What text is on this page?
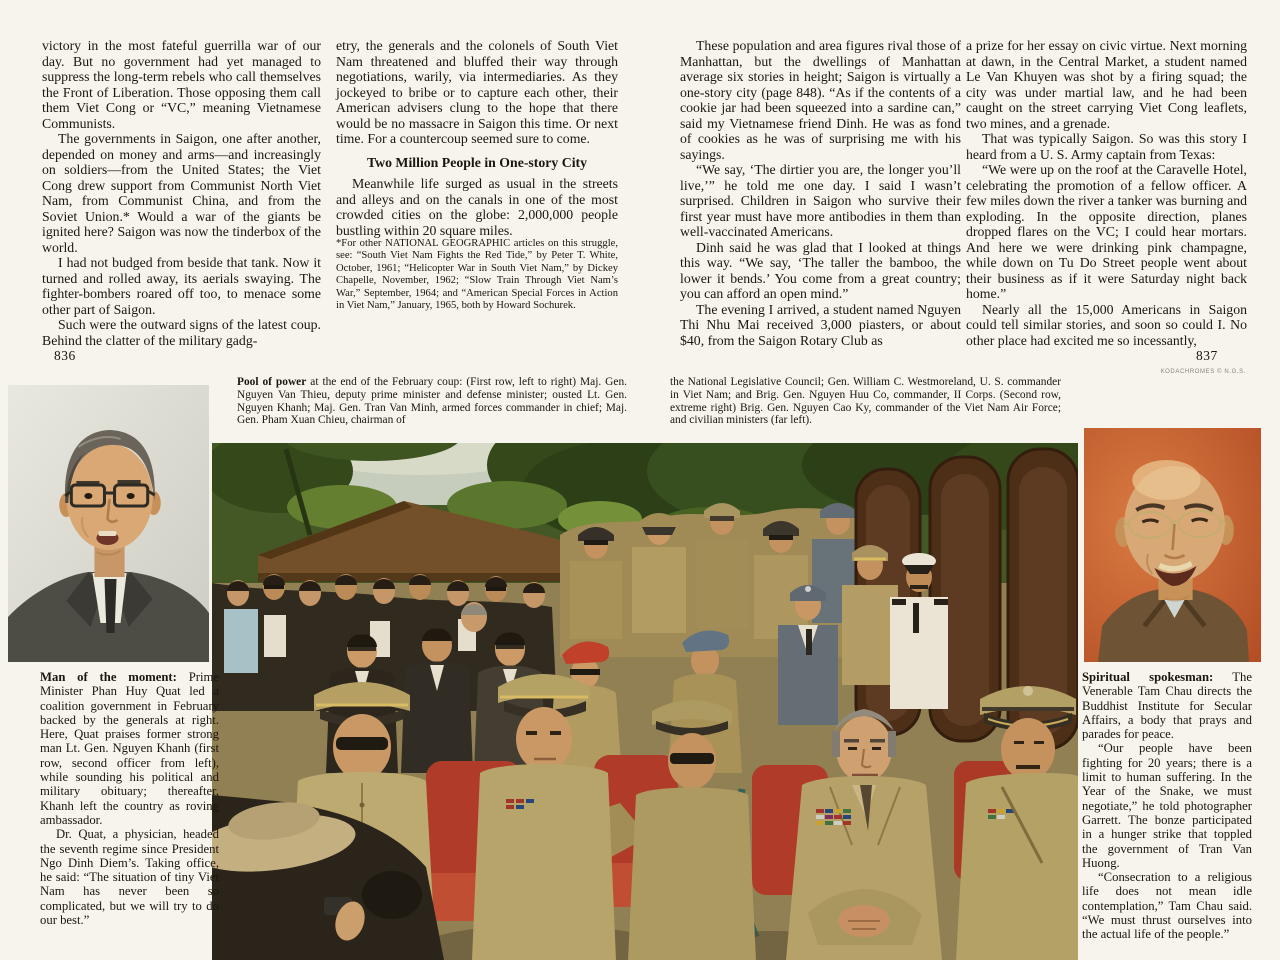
victory in the most fateful guerrilla war of our day. But no government had yet managed to suppress the long-term rebels who call themselves the Front of Liberation. Those opposing them call them Viet Cong or “VC,” meaning Vietnamese Communists.

The governments in Saigon, one after another, depended on money and arms—and increasingly on soldiers—from the United States; the Viet Cong drew support from Communist North Viet Nam, from Communist China, and from the Soviet Union.* Would a war of the giants be ignited here? Saigon was now the tinderbox of the world.

I had not budged from beside that tank. Now it turned and rolled away, its aerials swaying. The fighter-bombers roared off too, to menace some other part of Saigon.

Such were the outward signs of the latest coup. Behind the clatter of the military gadg-

etry, the generals and the colonels of South Viet Nam threatened and bluffed their way through negotiations, warily, via intermediaries. As they jockeyed to bribe or to capture each other, their American advisers clung to the hope that there would be no massacre in Saigon this time. Or next time. For a countercoup seemed sure to come.

Two Million People in One-story City

Meanwhile life surged as usual in the streets and alleys and on the canals in one of the most crowded cities on the globe: 2,000,000 people bustling within 20 square miles.

*For other NATIONAL GEOGRAPHIC articles on this struggle, see: “South Viet Nam Fights the Red Tide,” by Peter T. White, October, 1961; “Helicopter War in South Viet Nam,” by Dickey Chapelle, November, 1962; “Slow Train Through Viet Nam’s War,” September, 1964; and “American Special Forces in Action in Viet Nam,” January, 1965, both by Howard Sochurek.

836

These population and area figures rival those of Manhattan, but the dwellings of Manhattan average six stories in height; Saigon is virtually a one-story city (page 848). “As if the contents of a cookie jar had been squeezed into a sardine can,” said my Vietnamese friend Dinh. He was as fond of cookies as he was of surprising me with his sayings.

“We say, ‘The dirtier you are, the longer you’ll live,’” he told me one day. I said I wasn’t surprised. Children in Saigon who survive their first year must have more antibodies in them than well-vaccinated Americans.

Dinh said he was glad that I looked at things this way. “We say, ‘The taller the bamboo, the lower it bends.’ You come from a great country; you can afford an open mind.”

The evening I arrived, a student named Nguyen Thi Nhu Mai received 3,000 piasters, or about $40, from the Saigon Rotary Club as

a prize for her essay on civic virtue. Next morning at dawn, in the Central Market, a student named Le Van Khuyen was shot by a firing squad; the city was under martial law, and he had been caught on the street carrying Viet Cong leaflets, two mines, and a grenade.

That was typically Saigon. So was this story I heard from a U. S. Army captain from Texas:

“We were up on the roof at the Caravelle Hotel, celebrating the promotion of a fellow officer. A few miles down the river a tanker was burning and exploding. In the opposite direction, planes dropped flares on the VC; I could hear mortars. And here we were drinking pink champagne, while down on Tu Do Street people went about their business as if it were Saturday night back home.”

Nearly all the 15,000 Americans in Saigon could tell similar stories, and soon so could I. No other place had excited me so incessantly,

837
Pool of power at the end of the February coup: (First row, left to right) Maj. Gen. Nguyen Van Thieu, deputy prime minister and defense minister; ousted Lt. Gen. Nguyen Khanh; Maj. Gen. Tran Van Minh, armed forces commander in chief; Maj. Gen. Pham Xuan Chieu, chairman of
the National Legislative Council; Gen. William C. Westmoreland, U. S. commander in Viet Nam; and Brig. Gen. Nguyen Huu Co, commander, II Corps. (Second row, extreme right) Brig. Gen. Nguyen Cao Ky, commander of the Viet Nam Air Force; and civilian ministers (far left).
KODACHROMES © N.G.S.

Man of the moment: Prime Minister Phan Huy Quat led a coalition government in February backed by the generals at right. Here, Quat praises former strong man Lt. Gen. Nguyen Khanh (first row, second officer from left), while sounding his political and military obituary; thereafter, Khanh left the country as roving ambassador.

Dr. Quat, a physician, headed the seventh regime since President Ngo Dinh Diem’s. Taking office, he said: “The situation of tiny Viet Nam has never been so complicated, but we will try to do our best.”

Spiritual spokesman: The Venerable Tam Chau directs the Buddhist Institute for Secular Affairs, a body that prays and parades for peace.

“Our people have been fighting for 20 years; there is a limit to human suffering. In the Year of the Snake, we must negotiate,” he told photographer Garrett. The bonze participated in a hunger strike that toppled the government of Tran Van Huong.

“Consecration to a religious life does not mean idle contemplation,” Tam Chau said. “We must thrust ourselves into the actual life of the people.”
